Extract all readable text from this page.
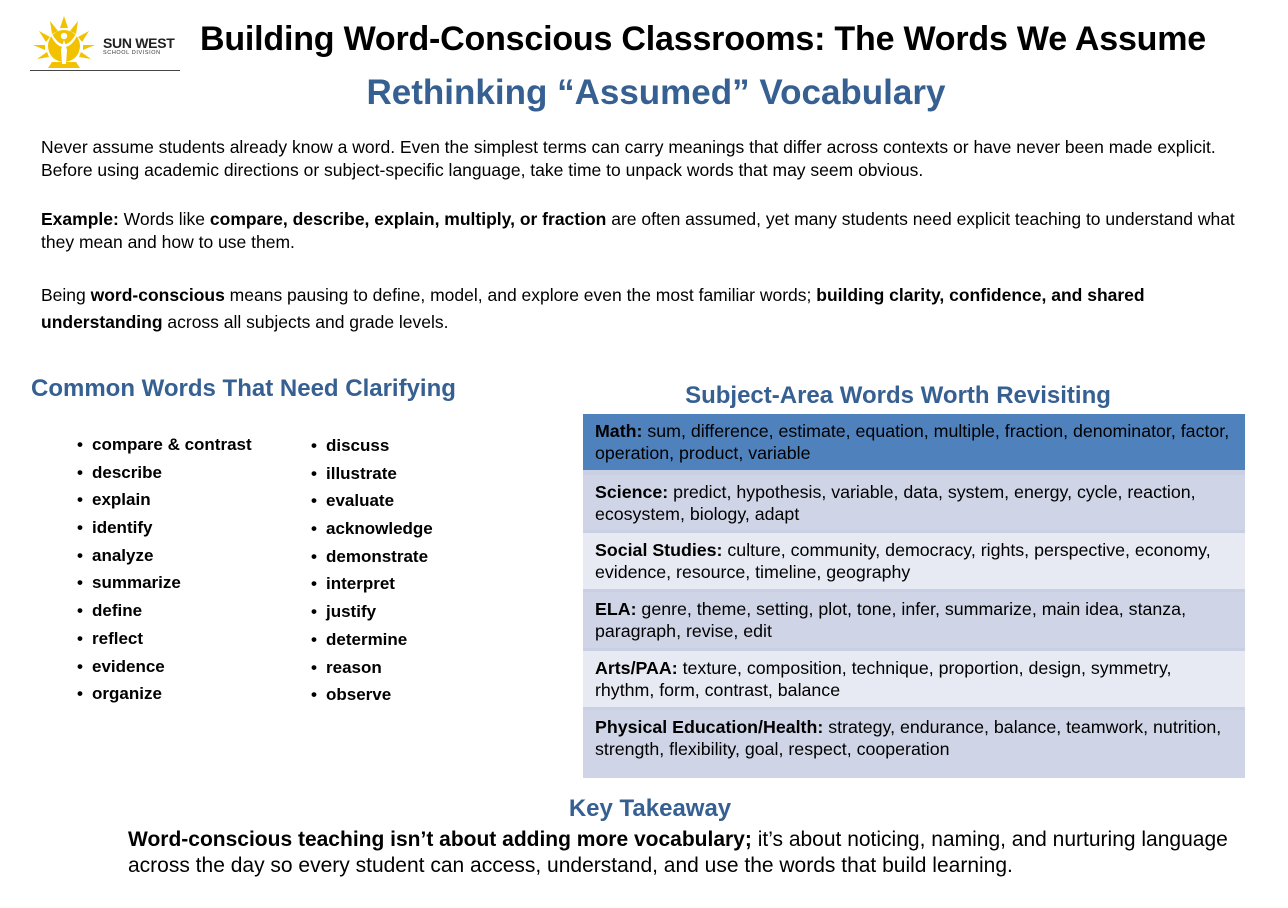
SUN WEST
SCHOOL DIVISION Building Word-Conscious Classrooms: The Words We Assume
Rethinking “Assumed” Vocabulary
Never assume students already know a word. Even the simplest terms can carry meanings that differ across contexts or have never been made explicit. Before using academic directions or subject-specific language, take time to unpack words that may seem obvious.
Example: Words like compare, describe, explain, multiply, or fraction are often assumed, yet many students need explicit teaching to understand what they mean and how to use them.
Being word-conscious means pausing to define, model, and explore even the most familiar words; building clarity, confidence, and shared understanding across all subjects and grade levels.
Common Words That Need Clarifying
• compare & contrast
• describe
• explain
• identify
• analyze
• summarize
• define
• reflect
• evidence
• organize
• discuss
• illustrate
• evaluate
• acknowledge
• demonstrate
• interpret
• justify
• determine
• reason
• observe
Subject-Area Words Worth Revisiting
Math: sum, difference, estimate, equation, multiple, fraction, denominator, factor, operation, product, variable
Science: predict, hypothesis, variable, data, system, energy, cycle, reaction, ecosystem, biology, adapt
Social Studies: culture, community, democracy, rights, perspective, economy, evidence, resource, timeline, geography
ELA: genre, theme, setting, plot, tone, infer, summarize, main idea, stanza, paragraph, revise, edit
Arts/PAA: texture, composition, technique, proportion, design, symmetry, rhythm, form, contrast, balance
Physical Education/Health: strategy, endurance, balance, teamwork, nutrition, strength, flexibility, goal, respect, cooperation
Key Takeaway
Word-conscious teaching isn’t about adding more vocabulary; it’s about noticing, naming, and nurturing language across the day so every student can access, understand, and use the words that build learning.
